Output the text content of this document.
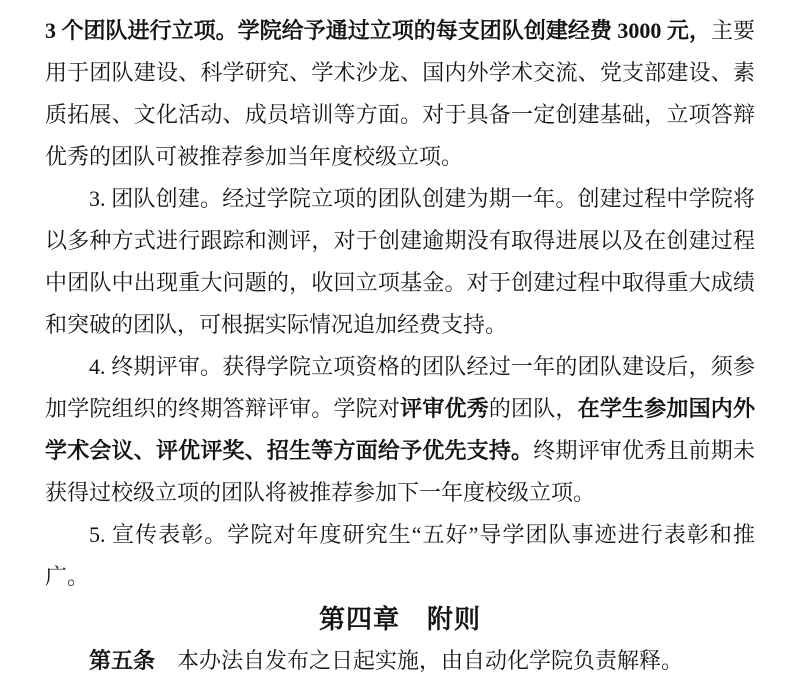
3 个团队进行立项。学院给予通过立项的每支团队创建经费 3000 元，主要用于团队建设、科学研究、学术沙龙、国内外学术交流、党支部建设、素质拓展、文化活动、成员培训等方面。对于具备一定创建基础，立项答辩优秀的团队可被推荐参加当年度校级立项。

3. 团队创建。经过学院立项的团队创建为期一年。创建过程中学院将以多种方式进行跟踪和测评，对于创建逾期没有取得进展以及在创建过程中团队中出现重大问题的，收回立项基金。对于创建过程中取得重大成绩和突破的团队，可根据实际情况追加经费支持。

4. 终期评审。获得学院立项资格的团队经过一年的团队建设后，须参加学院组织的终期答辩评审。学院对评审优秀的团队，在学生参加国内外学术会议、评优评奖、招生等方面给予优先支持。终期评审优秀且前期未获得过校级立项的团队将被推荐参加下一年度校级立项。

5. 宣传表彰。学院对年度研究生“五好”导学团队事迹进行表彰和推广。

第四章　附则

第五条 本办法自发布之日起实施，由自动化学院负责解释。
